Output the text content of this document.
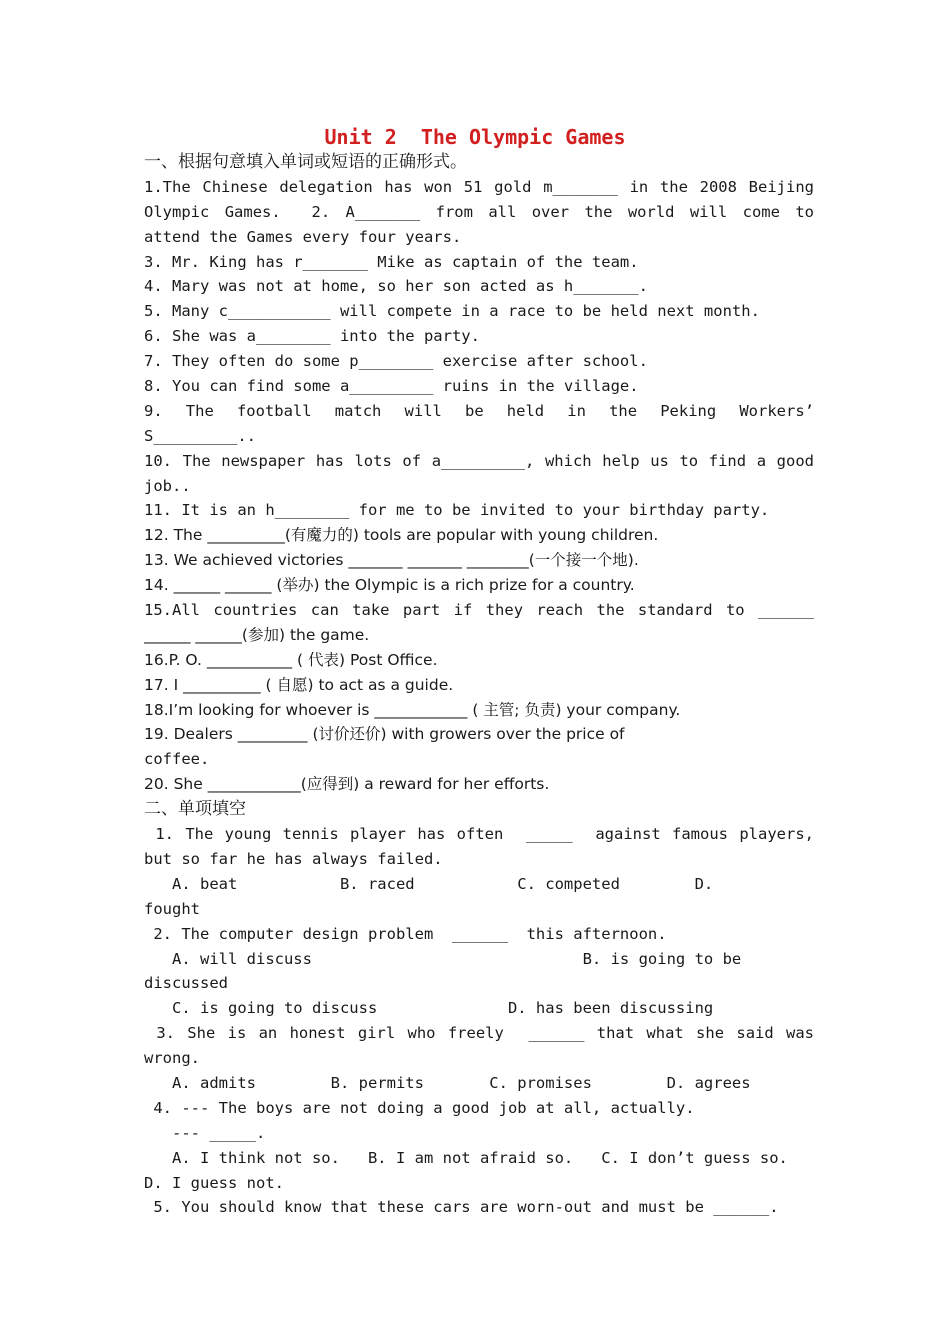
Unit 2  The Olympic Games
一、根据句意填入单词或短语的正确形式。
1.The Chinese delegation has won 51 gold m_______ in the 2008 Beijing
Olympic Games.  2. A_______ from all over the world will come to
attend the Games every four years.
3. Mr. King has r_______ Mike as captain of the team.
4. Mary was not at home, so her son acted as h_______.
5. Many c___________ will compete in a race to be held next month.
6. She was a________ into the party.
7. They often do some p________ exercise after school.
8. You can find some a_________ ruins in the village.
9. The football match will be held in the Peking Workers’
S_________..
10. The newspaper has lots of a_________, which help us to find a good
job..
11. It is an h________ for me to be invited to your birthday party.
12. The __________(有魔力的) tools are popular with young children.
13. We achieved victories _______ _______ ________(一个接一个地).
14. ______ ______ (举办) the Olympic is a rich prize for a country.
15.All countries can take part if they reach the standard to ______
______ ______(参加) the game.
16.P. O. ___________ ( 代表) Post Office.
17. I __________ ( 自愿) to act as a guide.
18.I’m looking for whoever is ____________ ( 主管; 负责) your company.
19. Dealers _________ (讨价还价) with growers over the price of
coffee.
20. She ____________(应得到) a reward for her efforts.
二、单项填空
1. The young tennis player has often  _____  against famous players,
but so far he has always failed.
A. beat           B. raced           C. competed        D.
fought
2. The computer design problem  ______  this afternoon.
A. will discuss                             B. is going to be
discussed
C. is going to discuss              D. has been discussing
3. She is an honest girl who freely  ______ that what she said was
wrong.
A. admits        B. permits       C. promises        D. agrees
4. --- The boys are not doing a good job at all, actually.
--- _____.
A. I think not so.   B. I am not afraid so.   C. I don’t guess so.
D. I guess not.
5. You should know that these cars are worn-out and must be ______.
